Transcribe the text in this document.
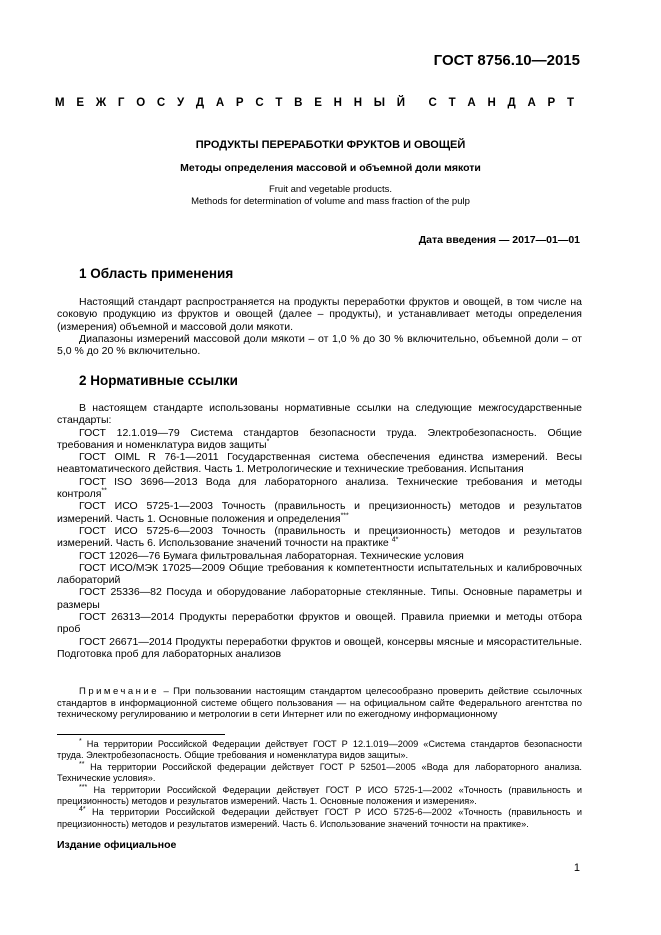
ГОСТ 8756.10—2015
М Е Ж Г О С У Д А Р С Т В Е Н Н Ы Й С Т А Н Д А Р Т
ПРОДУКТЫ ПЕРЕРАБОТКИ ФРУКТОВ И ОВОЩЕЙ
Методы определения массовой и объемной доли мякоти
Fruit and vegetable products.
Methods for determination of volume and mass fraction of the pulp
Дата введения — 2017—01—01
1 Область применения

Настоящий стандарт распространяется на продукты переработки фруктов и овощей, в том числе на соковую продукцию из фруктов и овощей (далее – продукты), и устанавливает методы определения (измерения) объемной и массовой доли мякоти.

Диапазоны измерений массовой доли мякоти – от 1,0 % до 30 % включительно, объемной доли – от 5,0 % до 20 % включительно.

2 Нормативные ссылки

В настоящем стандарте использованы нормативные ссылки на следующие межгосударственные стандарты:

ГОСТ 12.1.019—79 Система стандартов безопасности труда. Электробезопасность. Общие требования и номенклатура видов защиты*

ГОСТ OIML R 76-1—2011 Государственная система обеспечения единства измерений. Весы неавтоматического действия. Часть 1. Метрологические и технические требования. Испытания

ГОСТ ISO 3696—2013 Вода для лабораторного анализа. Технические требования и методы контроля**

ГОСТ ИСО 5725-1—2003 Точность (правильность и прецизионность) методов и результатов измерений. Часть 1. Основные положения и определения***

ГОСТ ИСО 5725-6—2003 Точность (правильность и прецизионность) методов и результатов измерений. Часть 6. Использование значений точности на практике $^{4*}$

ГОСТ 12026—76 Бумага фильтровальная лабораторная. Технические условия

ГОСТ ИСО/МЭК 17025—2009 Общие требования к компетентности испытательных и калибровочных лабораторий

ГОСТ 25336—82 Посуда и оборудование лабораторные стеклянные. Типы. Основные параметры и размеры

ГОСТ 26313—2014 Продукты переработки фруктов и овощей. Правила приемки и методы отбора проб

ГОСТ 26671—2014 Продукты переработки фруктов и овощей, консервы мясные и мясорастительные. Подготовка проб для лабораторных анализов

Примечание – При пользовании настоящим стандартом целесообразно проверить действие ссылочных стандартов в информационной системе общего пользования — на официальном сайте Федерального агентства по техническому регулированию и метрологии в сети Интернет или по ежегодному информационному

* На территории Российской Федерации действует ГОСТ Р 12.1.019—2009 «Система стандартов безопасности труда. Электробезопасность. Общие требования и номенклатура видов защиты».

** На территории Российской федерации действует ГОСТ Р 52501—2005 «Вода для лабораторного анализа. Технические условия».

*** На территории Российской Федерации действует ГОСТ Р ИСО 5725-1—2002 «Точность (правильность и прецизионность) методов и результатов измерений. Часть 1. Основные положения и измерения».

$^{4*}$ На территории Российской Федерации действует ГОСТ Р ИСО 5725-6—2002 «Точность (правильность и прецизионность) методов и результатов измерений. Часть 6. Использование значений точности на практике».

Издание официальное
1
